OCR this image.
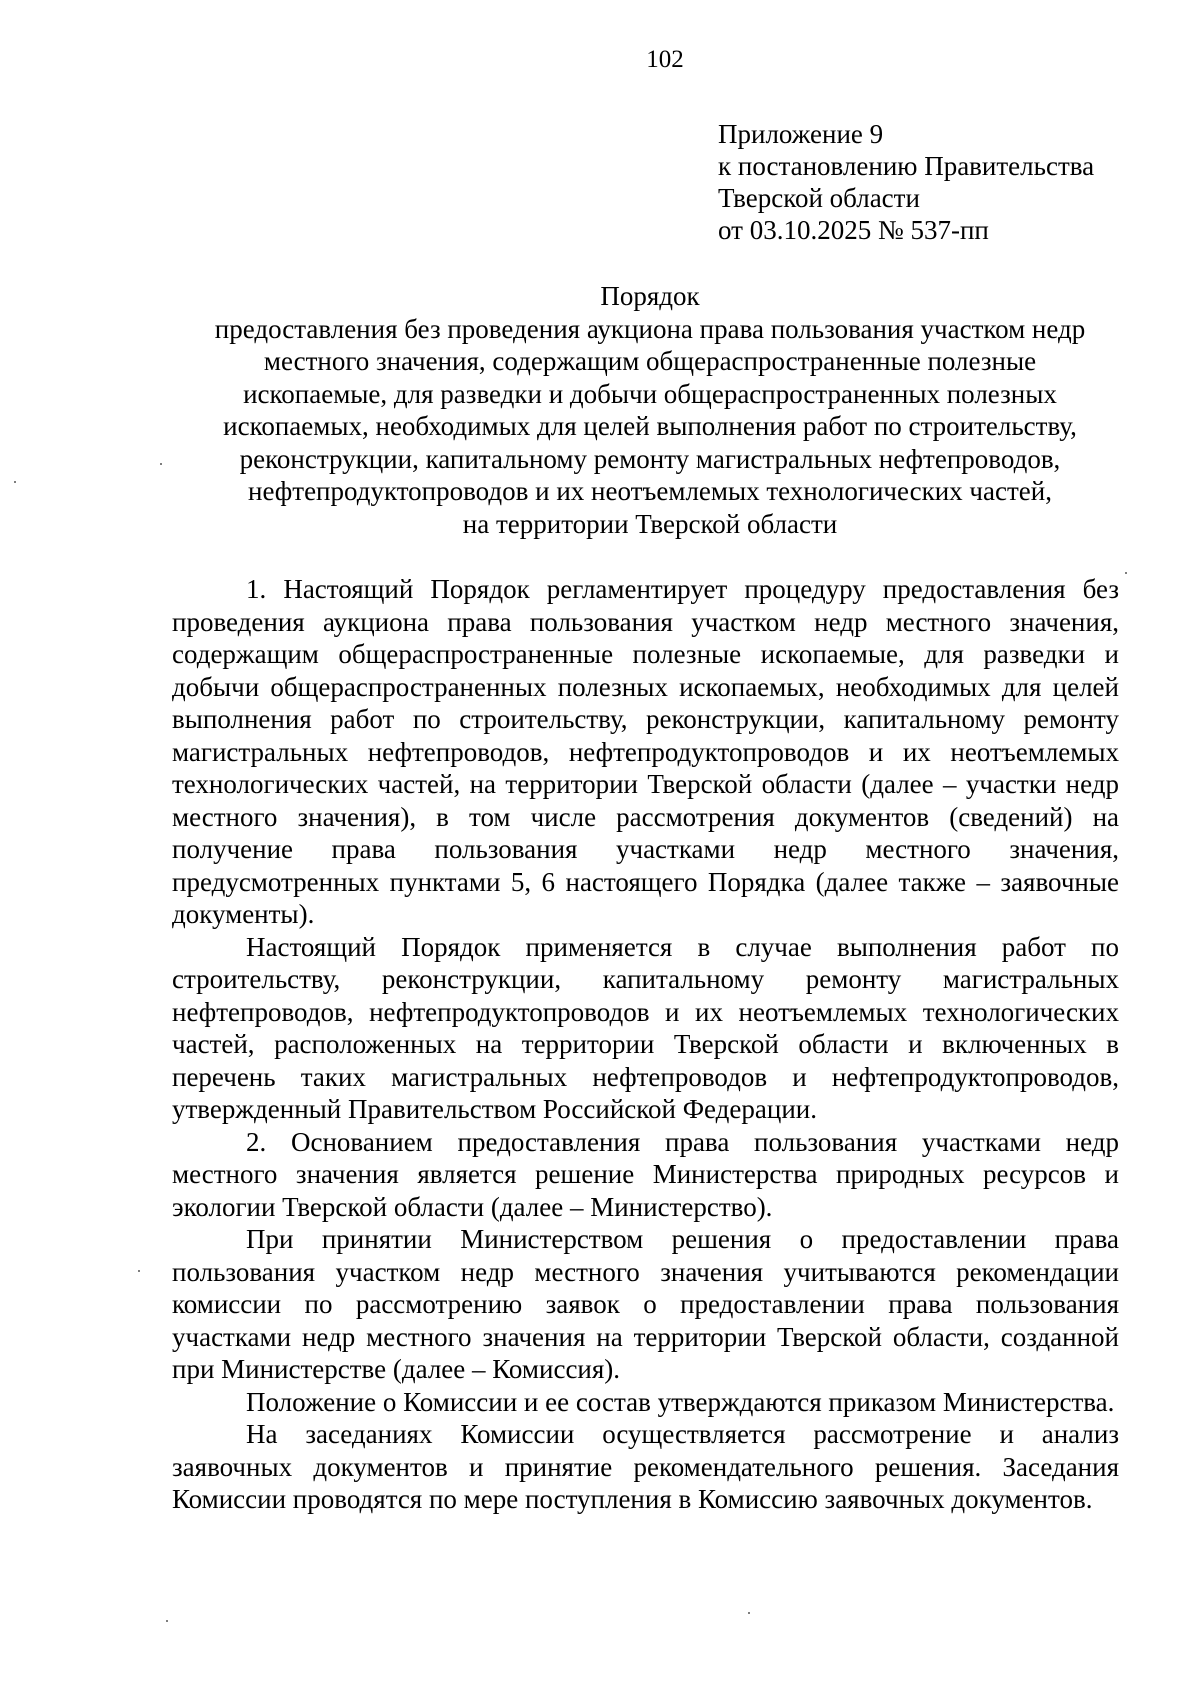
102
Приложение 9
к постановлению Правительства
Тверской области
от 03.10.2025 № 537-пп
Порядок
предоставления без проведения аукциона права пользования участком недр
местного значения, содержащим общераспространенные полезные
ископаемые, для разведки и добычи общераспространенных полезных
ископаемых, необходимых для целей выполнения работ по строительству,
реконструкции, капитальному ремонту магистральных нефтепроводов,
нефтепродуктопроводов и их неотъемлемых технологических частей,
на территории Тверской области

1. Настоящий Порядок регламентирует процедуру предоставления без проведения аукциона права пользования участком недр местного значения, содержащим общераспространенные полезные ископаемые, для разведки и добычи общераспространенных полезных ископаемых, необходимых для целей выполнения работ по строительству, реконструкции, капитальному ремонту магистральных нефтепроводов, нефтепродуктопроводов и их неотъемлемых технологических частей, на территории Тверской области (далее – участки недр местного значения), в том числе рассмотрения документов (сведений) на получение права пользования участками недр местного значения, предусмотренных пунктами 5, 6 настоящего Порядка (далее также – заявочные документы).

Настоящий Порядок применяется в случае выполнения работ по строительству, реконструкции, капитальному ремонту магистральных нефтепроводов, нефтепродуктопроводов и их неотъемлемых технологических частей, расположенных на территории Тверской области и включенных в перечень таких магистральных нефтепроводов и нефтепродуктопроводов, утвержденный Правительством Российской Федерации.

2. Основанием предоставления права пользования участками недр местного значения является решение Министерства природных ресурсов и экологии Тверской области (далее – Министерство).

При принятии Министерством решения о предоставлении права пользования участком недр местного значения учитываются рекомендации комиссии по рассмотрению заявок о предоставлении права пользования участками недр местного значения на территории Тверской области, созданной при Министерстве (далее – Комиссия).

Положение о Комиссии и ее состав утверждаются приказом Министерства.

На заседаниях Комиссии осуществляется рассмотрение и анализ заявочных документов и принятие рекомендательного решения. Заседания Комиссии проводятся по мере поступления в Комиссию заявочных документов.
